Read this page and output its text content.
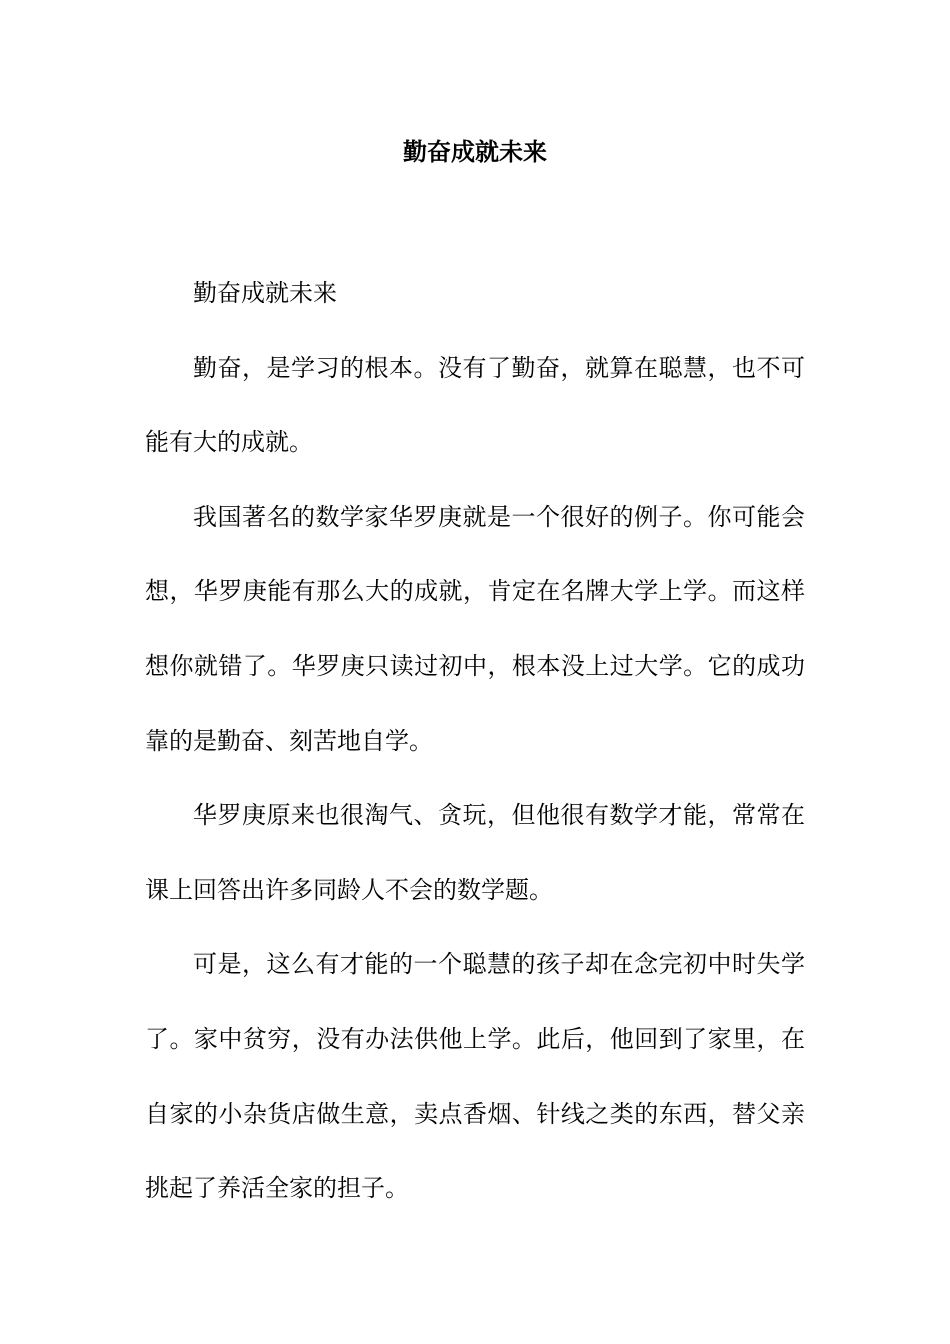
勤奋成就未来

勤奋成就未来

勤奋，是学习的根本。没有了勤奋，就算在聪慧，也不可能有大的成就。

我国著名的数学家华罗庚就是一个很好的例子。你可能会想，华罗庚能有那么大的成就，肯定在名牌大学上学。而这样想你就错了。华罗庚只读过初中，根本没上过大学。它的成功靠的是勤奋、刻苦地自学。

华罗庚原来也很淘气、贪玩，但他很有数学才能，常常在课上回答出许多同龄人不会的数学题。

可是，这么有才能的一个聪慧的孩子却在念完初中时失学了。家中贫穷，没有办法供他上学。此后，他回到了家里，在自家的小杂货店做生意，卖点香烟、针线之类的东西，替父亲挑起了养活全家的担子。
